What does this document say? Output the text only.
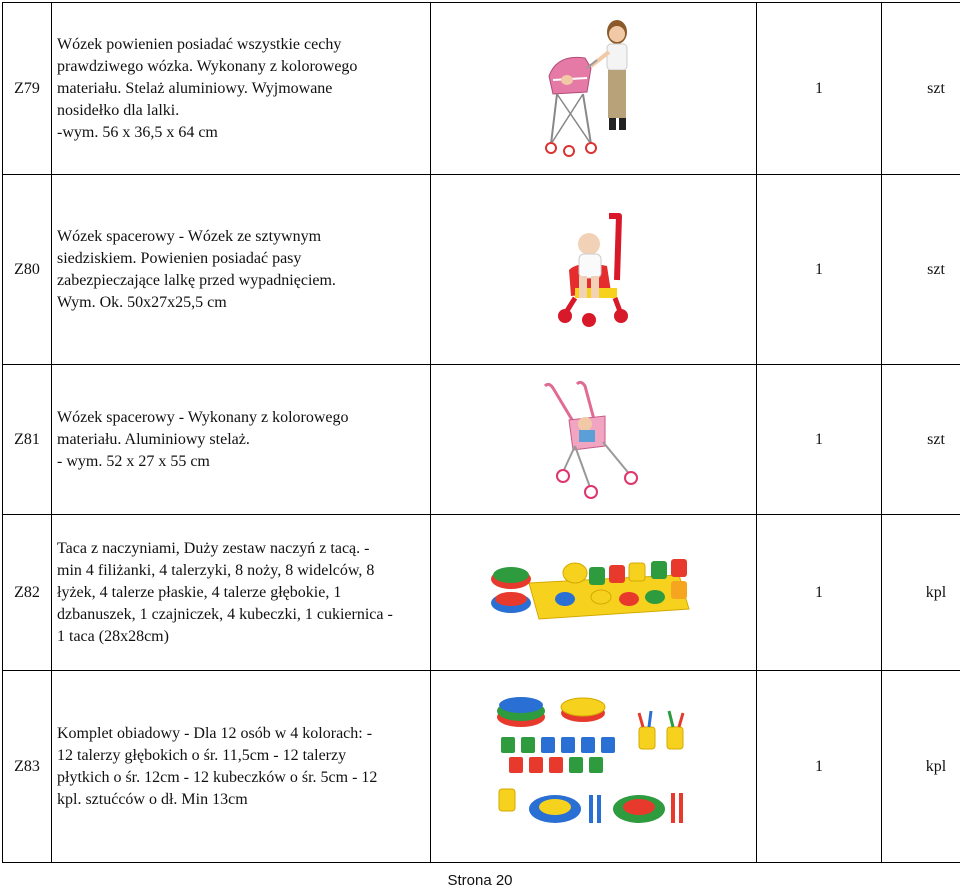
Z79	Wózek powienien posiadać wszystkie cechy
prawdziwego wózka. Wykonany z kolorowego
materiału. Stelaż aluminiowy. Wyjmowane
nosidełko dla lalki.
-wym. 56 x 36,5 x 64 cm		1	szt
Z80	Wózek spacerowy - Wózek ze sztywnym
siedziskiem. Powienien posiadać pasy
zabezpieczające lalkę przed wypadnięciem.
Wym. Ok. 50x27x25,5 cm		1	szt
Z81	Wózek spacerowy - Wykonany z kolorowego
materiału. Aluminiowy stelaż.
- wym. 52 x 27 x 55 cm		1	szt
Z82	Taca z naczyniami, Duży zestaw naczyń z tacą. -
min 4 filiżanki, 4 talerzyki, 8 noży, 8 widelców, 8
łyżek, 4 talerze płaskie, 4 talerze głębokie, 1
dzbanuszek, 1 czajniczek, 4 kubeczki, 1 cukiernica -
1 taca (28x28cm)		1	kpl
Z83	Komplet obiadowy - Dla 12 osób w 4 kolorach: -
12 talerzy głębokich o śr. 11,5cm - 12 talerzy
płytkich o śr. 12cm - 12 kubeczków o śr. 5cm - 12
kpl. sztućców o dł. Min 13cm		1	kpl
Strona 20
